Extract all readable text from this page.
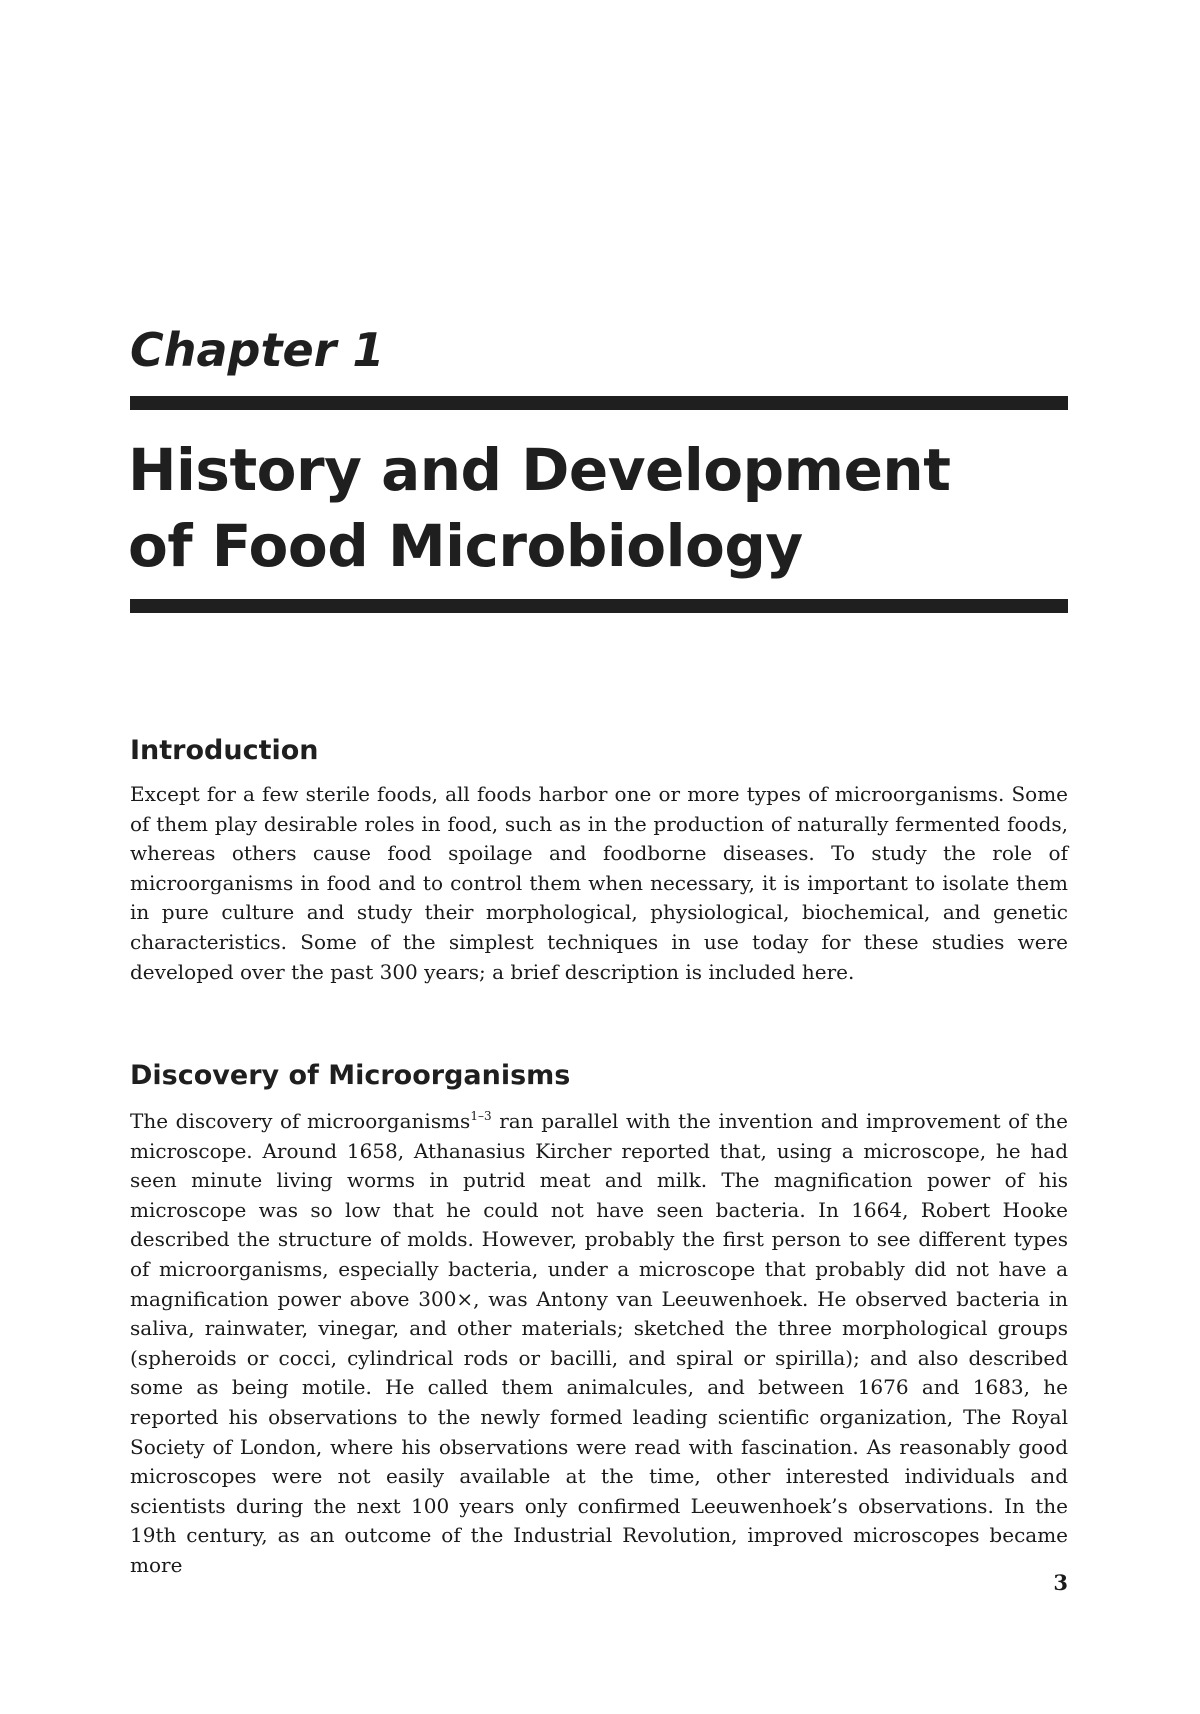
Chapter 1
History and Development
of Food Microbiology
Introduction

Except for a few sterile foods, all foods harbor one or more types of microorganisms. Some of them play desirable roles in food, such as in the production of naturally fermented foods, whereas others cause food spoilage and foodborne diseases. To study the role of microorganisms in food and to control them when necessary, it is important to isolate them in pure culture and study their morphological, physiological, biochemical, and genetic characteristics. Some of the simplest techniques in use today for these studies were developed over the past 300 years; a brief description is included here.

Discovery of Microorganisms

The discovery of microorganisms$^{1-3}$ ran parallel with the invention and improvement of the microscope. Around 1658, Athanasius Kircher reported that, using a microscope, he had seen minute living worms in putrid meat and milk. The magnification power of his microscope was so low that he could not have seen bacteria. In 1664, Robert Hooke described the structure of molds. However, probably the first person to see different types of microorganisms, especially bacteria, under a microscope that probably did not have a magnification power above 300×, was Antony van Leeuwenhoek. He observed bacteria in saliva, rainwater, vinegar, and other materials; sketched the three morphological groups (spheroids or cocci, cylindrical rods or bacilli, and spiral or spirilla); and also described some as being motile. He called them animalcules, and between 1676 and 1683, he reported his observations to the newly formed leading scientific organization, The Royal Society of London, where his observations were read with fascination. As reasonably good microscopes were not easily available at the time, other interested individuals and scientists during the next 100 years only confirmed Leeuwenhoek’s observations. In the 19th century, as an outcome of the Industrial Revolution, improved microscopes became more

3
